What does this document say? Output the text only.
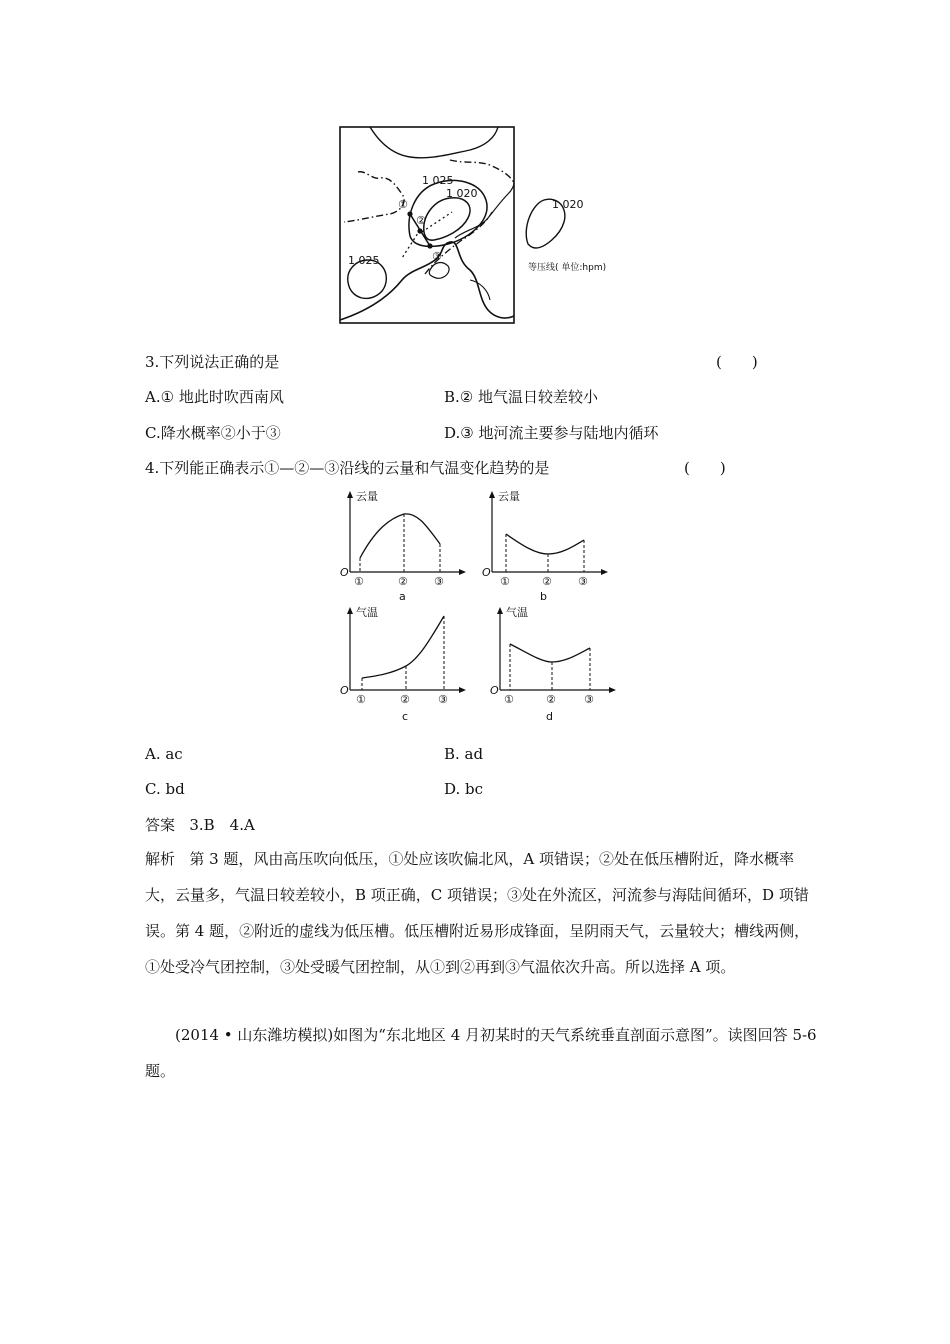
1 025
1 020
1 025
①
②
③
1 020
等压线( 单位:hpm)
3.下列说法正确的是	(　　)
A.① 地此时吹西南风	B.② 地气温日较差较小
C.降水概率②小于③	D.③ 地河流主要参与陆地内循环
4.下列能正确表示①—②—③沿线的云量和气温变化趋势的是	(　　)
云量
O
①	② ③
a
云量
O
①	② ③
b
气温
O
①	②	③
c
气温
O
①	②	③
d
A. ac	B. ad
C. bd	D. bc
答案 3.B　4.A
解析 第 3 题，风由高压吹向低压，①处应该吹偏北风，A 项错误；②处在低压槽附近，降水概率大，云量多，气温日较差较小，B 项正确，C 项错误；③处在外流区，河流参与海陆间循环，D 项错误。第 4 题，②附近的虚线为低压槽。低压槽附近易形成锋面，呈阴雨天气，云量较大；槽线两侧，①处受冷气团控制，③处受暖气团控制，从①到②再到③气温依次升高。所以选择 A 项。
(2014 • 山东潍坊模拟)如图为“东北地区 4 月初某时的天气系统垂直剖面示意图”。读图回答 5-6 题。
